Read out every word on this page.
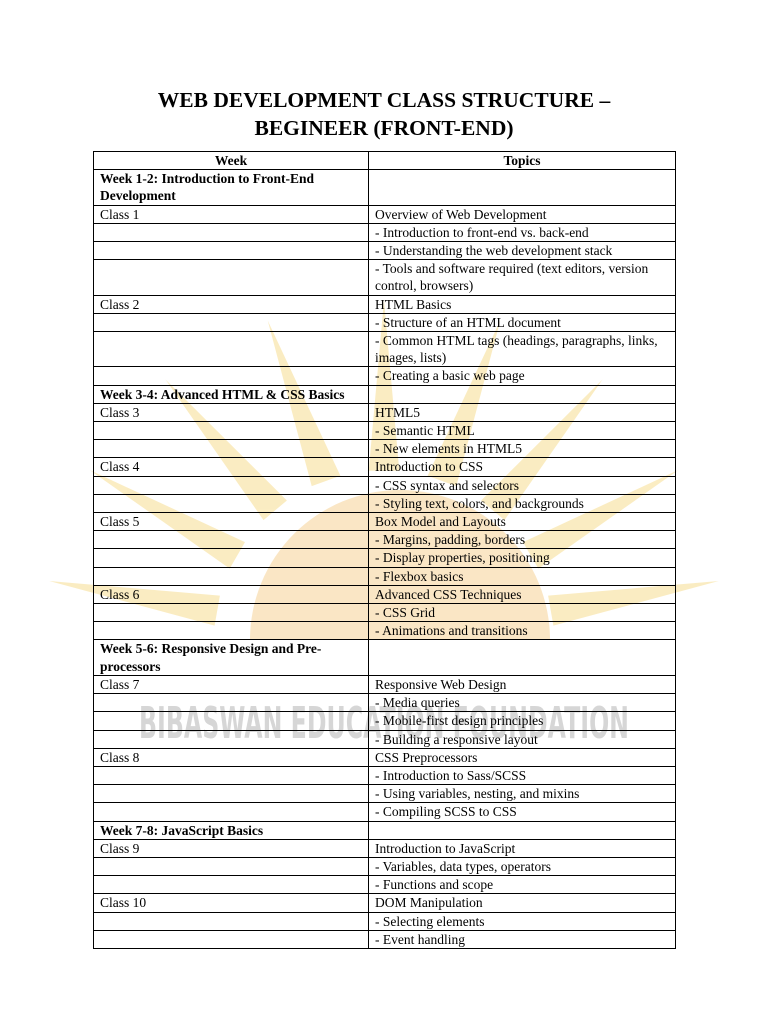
BIBASWAN EDUCATION FOUNDATION
WEB DEVELOPMENT CLASS STRUCTURE –
BEGINEER (FRONT-END)
Week	Topics
Week 1-2: Introduction to Front-End Development	
Class 1	Overview of Web Development
	- Introduction to front-end vs. back-end
	- Understanding the web development stack
	- Tools and software required (text editors, version control, browsers)
Class 2	HTML Basics
	- Structure of an HTML document
	- Common HTML tags (headings, paragraphs, links, images, lists)
	- Creating a basic web page
Week 3-4: Advanced HTML & CSS Basics	
Class 3	HTML5
	- Semantic HTML
	- New elements in HTML5
Class 4	Introduction to CSS
	- CSS syntax and selectors
	- Styling text, colors, and backgrounds
Class 5	Box Model and Layouts
	- Margins, padding, borders
	- Display properties, positioning
	- Flexbox basics
Class 6	Advanced CSS Techniques
	- CSS Grid
	- Animations and transitions
Week 5-6: Responsive Design and Pre-processors	
Class 7	Responsive Web Design
	- Media queries
	- Mobile-first design principles
	- Building a responsive layout
Class 8	CSS Preprocessors
	- Introduction to Sass/SCSS
	- Using variables, nesting, and mixins
	- Compiling SCSS to CSS
Week 7-8: JavaScript Basics	
Class 9	Introduction to JavaScript
	- Variables, data types, operators
	- Functions and scope
Class 10	DOM Manipulation
	- Selecting elements
	- Event handling
